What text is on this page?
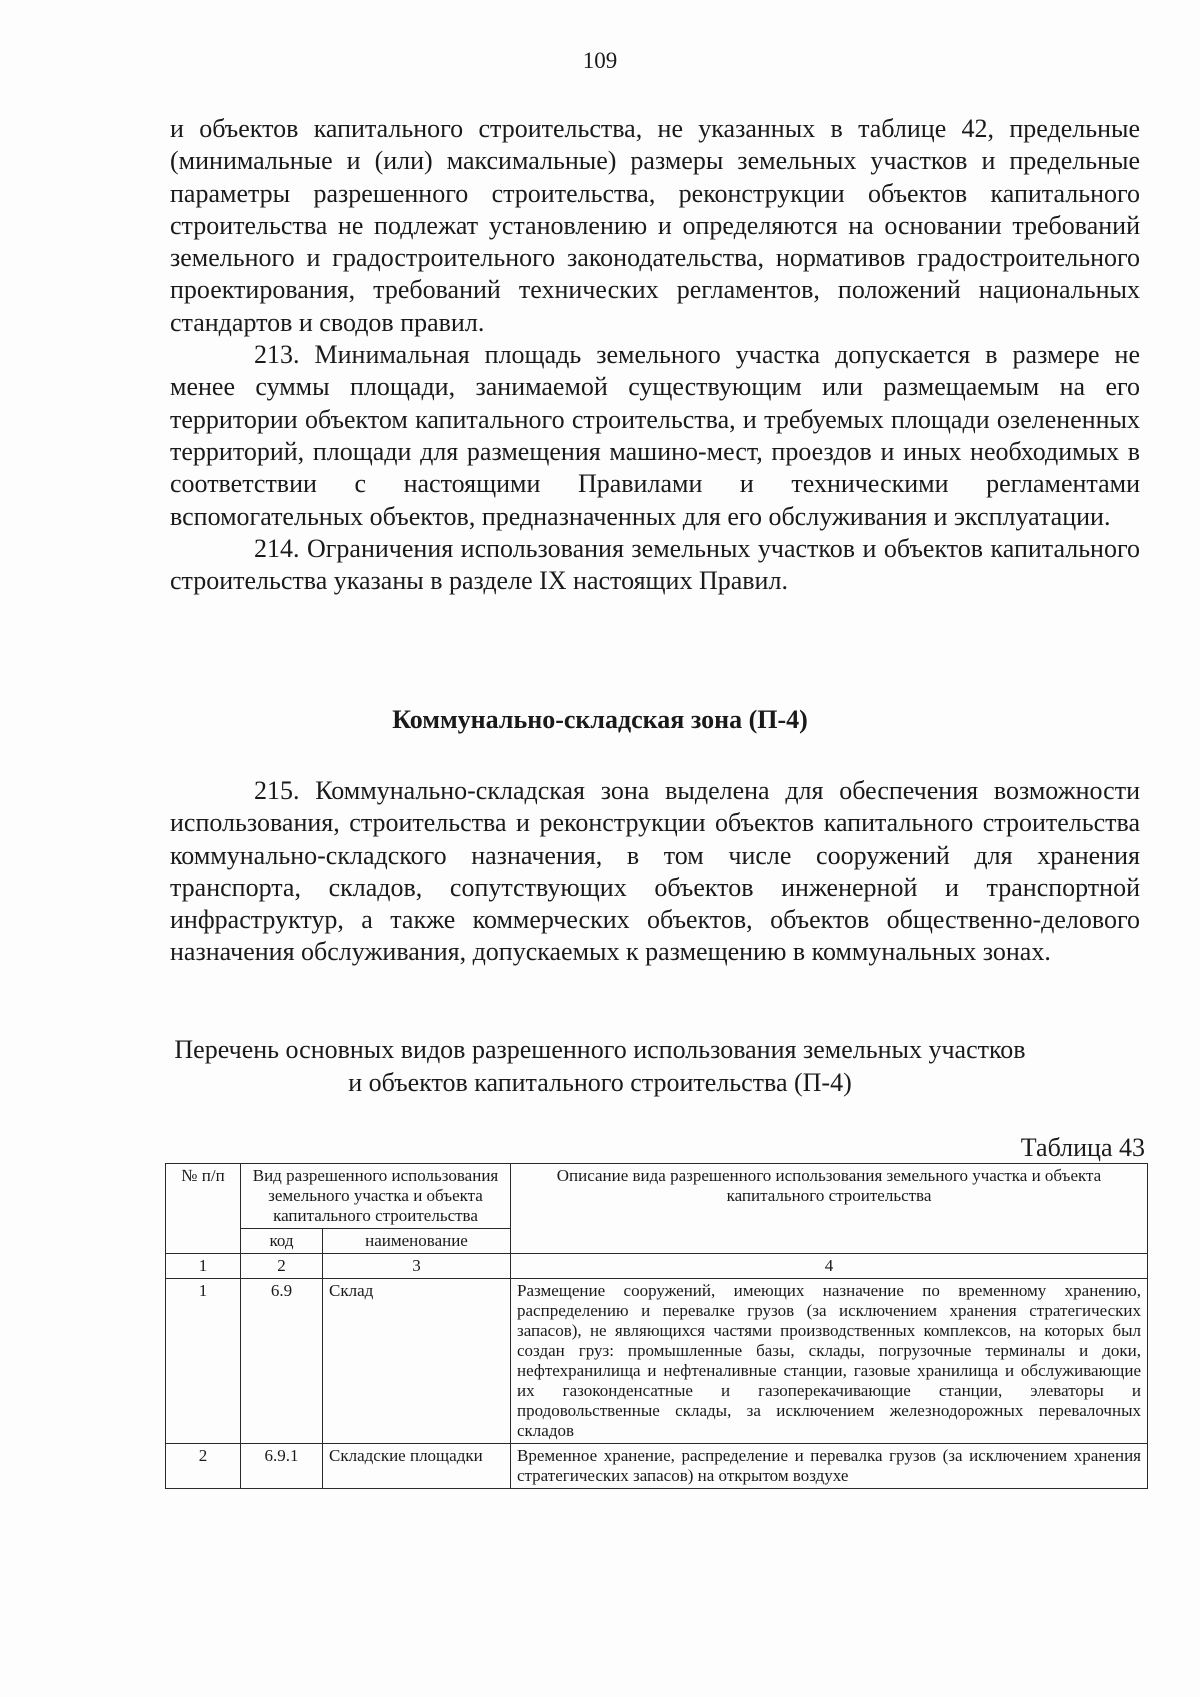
109

и объектов капитального строительства, не указанных в таблице 42, предельные (минимальные и (или) максимальные) размеры земельных участков и предельные параметры разрешенного строительства, реконструкции объектов капитального строительства не подлежат установлению и определяются на основании требований земельного и градостроительного законодательства, нормативов градостроительного проектирования, требований технических регламентов, положений национальных стандартов и сводов правил.

213. Минимальная площадь земельного участка допускается в размере не менее суммы площади, занимаемой существующим или размещаемым на его территории объектом капитального строительства, и требуемых площади озелененных территорий, площади для размещения машино-мест, проездов и иных необходимых в соответствии с настоящими Правилами и техническими регламентами вспомогательных объектов, предназначенных для его обслуживания и эксплуатации.

214. Ограничения использования земельных участков и объектов капитального строительства указаны в разделе IX настоящих Правил.

Коммунально-складская зона (П-4)

215. Коммунально-складская зона выделена для обеспечения возможности использования, строительства и реконструкции объектов капитального строительства коммунально-складского назначения, в том числе сооружений для хранения транспорта, складов, сопутствующих объектов инженерной и транспортной инфраструктур, а также коммерческих объектов, объектов общественно-делового назначения обслуживания, допускаемых к размещению в коммунальных зонах.

Перечень основных видов разрешенного использования земельных участков
и объектов капитального строительства (П-4)
Таблица 43
№ п/п	Вид разрешенного использования земельного участка и объекта капитального строительства		Описание вида разрешенного использования земельного участка и объекта капитального строительства
	код	наименование	
1	2	3	4
1	6.9	Склад	Размещение сооружений, имеющих назначение по временному хранению, распределению и перевалке грузов (за исключением хранения стратегических запасов), не являющихся частями производственных комплексов, на которых был создан груз: промышленные базы, склады, погрузочные терминалы и доки, нефтехранилища и нефтеналивные станции, газовые хранилища и обслуживающие их газоконденсатные и газоперекачивающие станции, элеваторы и продовольственные склады, за исключением железнодорожных перевалочных складов
2	6.9.1	Складские площадки	Временное хранение, распределение и перевалка грузов (за исключением хранения стратегических запасов) на открытом воздухе
